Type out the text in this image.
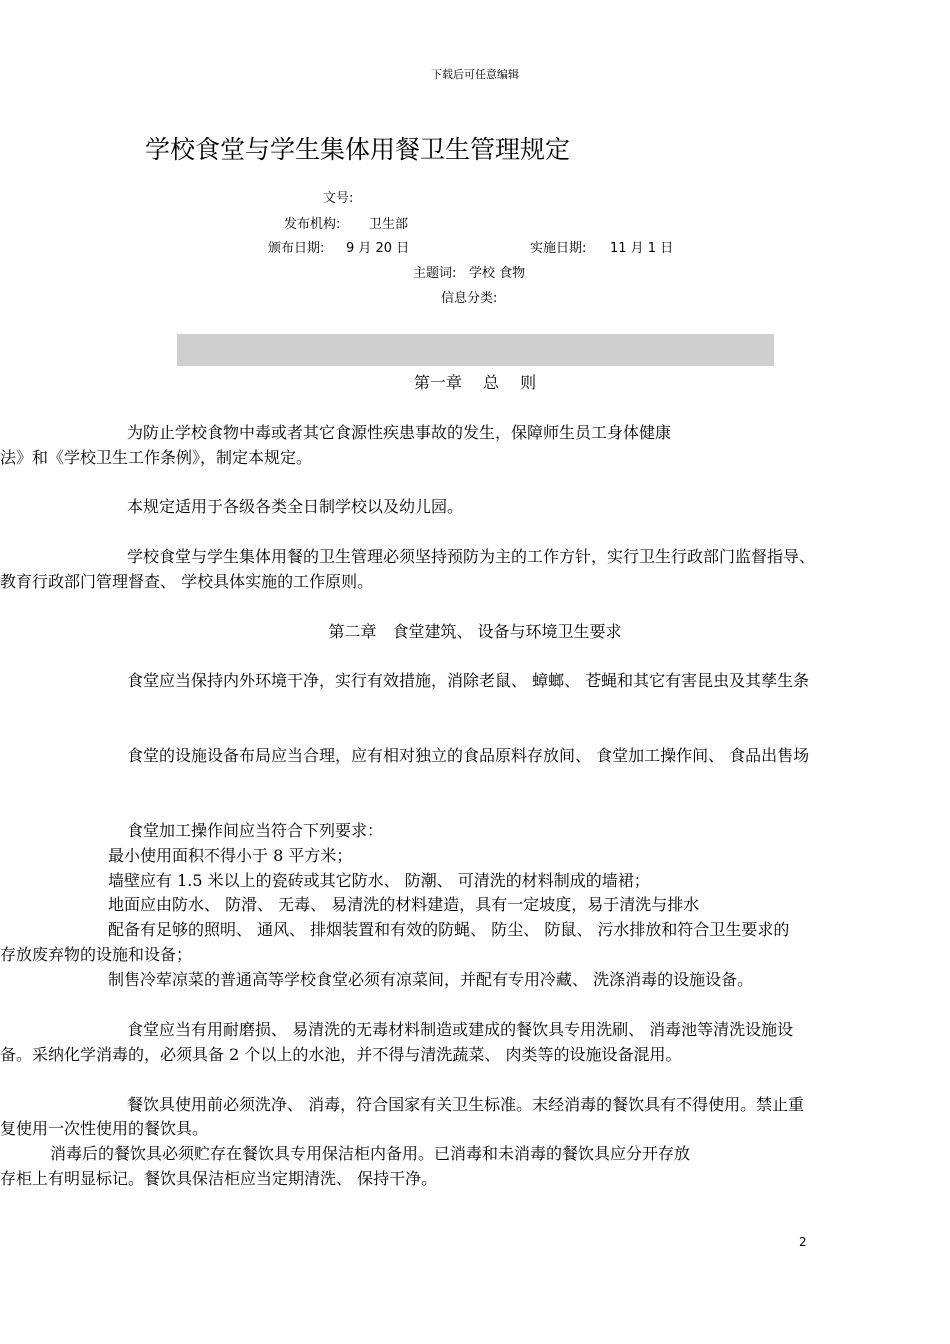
下载后可任意编辑
学校食堂与学生集体用餐卫生管理规定
文号:
发布机构: 卫生部
颁布日期: 9 月 20 日	实施日期: 11 月 1 日
主题词: 学校 食物
信息分类:
第一章　 总　 则
为防止学校食物中毒或者其它食源性疾患事故的发生，保障师生员工身体健康
法》和《学校卫生工作条例》，制定本规定。
本规定适用于各级各类全日制学校以及幼儿园。
学校食堂与学生集体用餐的卫生管理必须坚持预防为主的工作方针，实行卫生行政部门监督指导、
教育行政部门管理督查、 学校具体实施的工作原则。
第二章　食堂建筑、 设备与环境卫生要求
食堂应当保持内外环境干净，实行有效措施，消除老鼠、 蟑螂、 苍蝇和其它有害昆虫及其孳生条
食堂的设施设备布局应当合理，应有相对独立的食品原料存放间、 食堂加工操作间、 食品出售场
食堂加工操作间应当符合下列要求：
最小使用面积不得小于 8 平方米；
墙壁应有 1.5 米以上的瓷砖或其它防水、 防潮、 可清洗的材料制成的墙裙；
地面应由防水、 防滑、 无毒、 易清洗的材料建造，具有一定坡度，易于清洗与排水
配备有足够的照明、 通风、 排烟装置和有效的防蝇、 防尘、 防鼠、 污水排放和符合卫生要求的
存放废弃物的设施和设备；
制售冷荤凉菜的普通高等学校食堂必须有凉菜间，并配有专用冷藏、 洗涤消毒的设施设备。
食堂应当有用耐磨损、 易清洗的无毒材料制造或建成的餐饮具专用洗刷、 消毒池等清洗设施设
备。采纳化学消毒的，必须具备 2 个以上的水池，并不得与清洗蔬菜、 肉类等的设施设备混用。
餐饮具使用前必须洗净、 消毒，符合国家有关卫生标准。末经消毒的餐饮具有不得使用。禁止重
复使用一次性使用的餐饮具。
消毒后的餐饮具必须贮存在餐饮具专用保洁柜内备用。已消毒和未消毒的餐饮具应分开存放
存柜上有明显标记。餐饮具保洁柜应当定期清洗、 保持干净。
2
